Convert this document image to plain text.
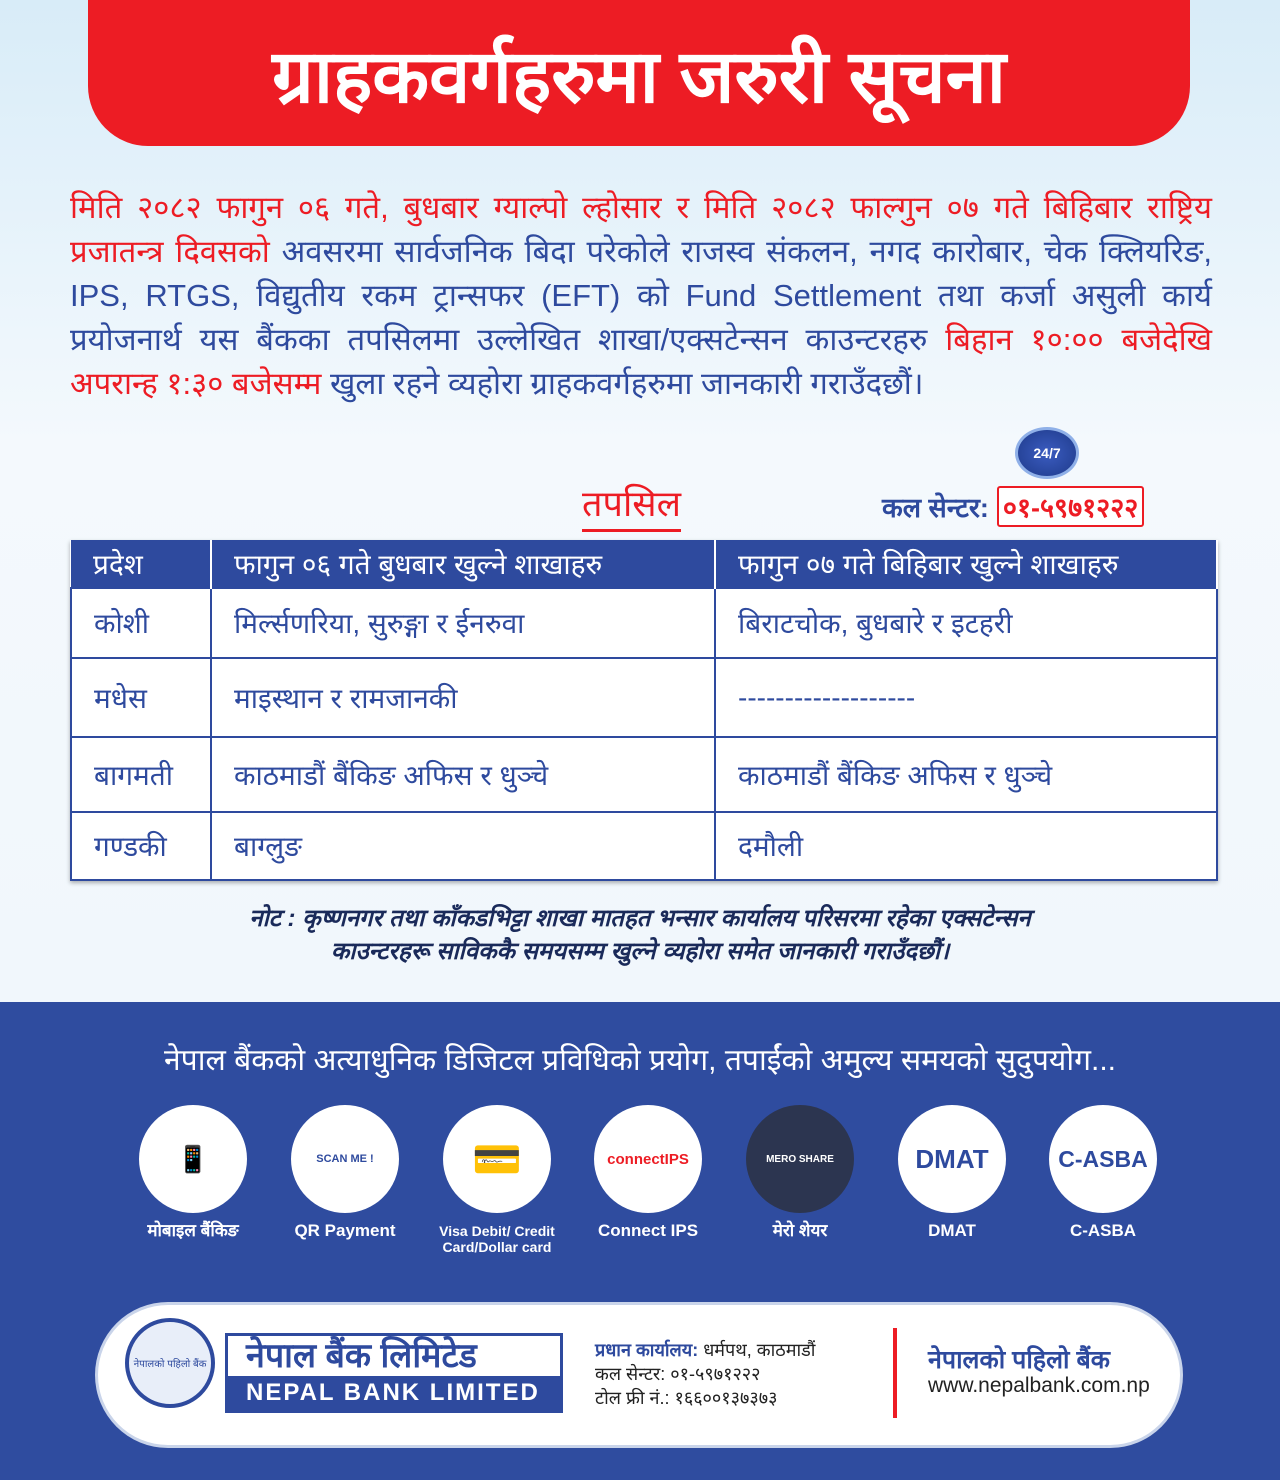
ग्राहकवर्गहरुमा जरुरी सूचना
मिति २०८२ फागुन ०६ गते, बुधबार ग्याल्पो ल्होसार र मिति २०८२ फाल्गुन ०७ गते बिहिबार राष्ट्रिय प्रजातन्त्र दिवसको अवसरमा सार्वजनिक बिदा परेकोले राजस्व संकलन, नगद कारोबार, चेक क्लियरिङ, IPS, RTGS, विद्युतीय रकम ट्रान्सफर (EFT) को Fund Settlement तथा कर्जा असुली कार्य प्रयोजनार्थ यस बैंकका तपसिलमा उल्लेखित शाखा/एक्सटेन्सन काउन्टरहरु बिहान १०:०० बजेदेखि अपरान्ह १:३० बजेसम्म खुला रहने व्यहोरा ग्राहकवर्गहरुमा जानकारी गराउँदछौं।
तपसिल
24/7
कल सेन्टर: ०१-५९७१२२२
प्रदेश	फागुन ०६ गते बुधबार खुल्ने शाखाहरु	फागुन ०७ गते बिहिबार खुल्ने शाखाहरु
कोशी	मिर्ल्सणरिया, सुरुङ्गा र ईनरुवा	बिराटचोक, बुधबारे र इटहरी
मधेस	माइस्थान र रामजानकी	-------------------
बागमती	काठमाडौं बैंकिङ अफिस र धुञ्चे	काठमाडौं बैंकिङ अफिस र धुञ्चे
गण्डकी	बाग्लुङ	दमौली
नोट : कृष्णनगर तथा काँकडभिट्टा शाखा मातहत भन्सार कार्यालय परिसरमा रहेका एक्सटेन्सन
काउन्टरहरू साविककै समयसम्म खुल्ने व्यहोरा समेत जानकारी गराउँदछौं।
नेपाल बैंकको अत्याधुनिक डिजिटल प्रविधिको प्रयोग, तपाईंको अमुल्य समयको सुदुपयोग...
📱
मोबाइल बैंकिङ
SCAN ME !
QR Payment
💳
Visa Debit/ Credit Card/Dollar card
connectIPS
Connect IPS
MERO SHARE
मेरो शेयर
DMAT
DMAT
C-ASBA
C-ASBA
नेपालको पहिलो बैंक	नेपाल बैंक लिमिटेड
NEPAL BANK LIMITED
प्रधान कार्यालय: धर्मपथ, काठमाडौं
कल सेन्टर: ०१-५९७१२२२
टोल फ्री नं.: १६६००१३७३७३
नेपालको पहिलो बैंक
www.nepalbank.com.np
